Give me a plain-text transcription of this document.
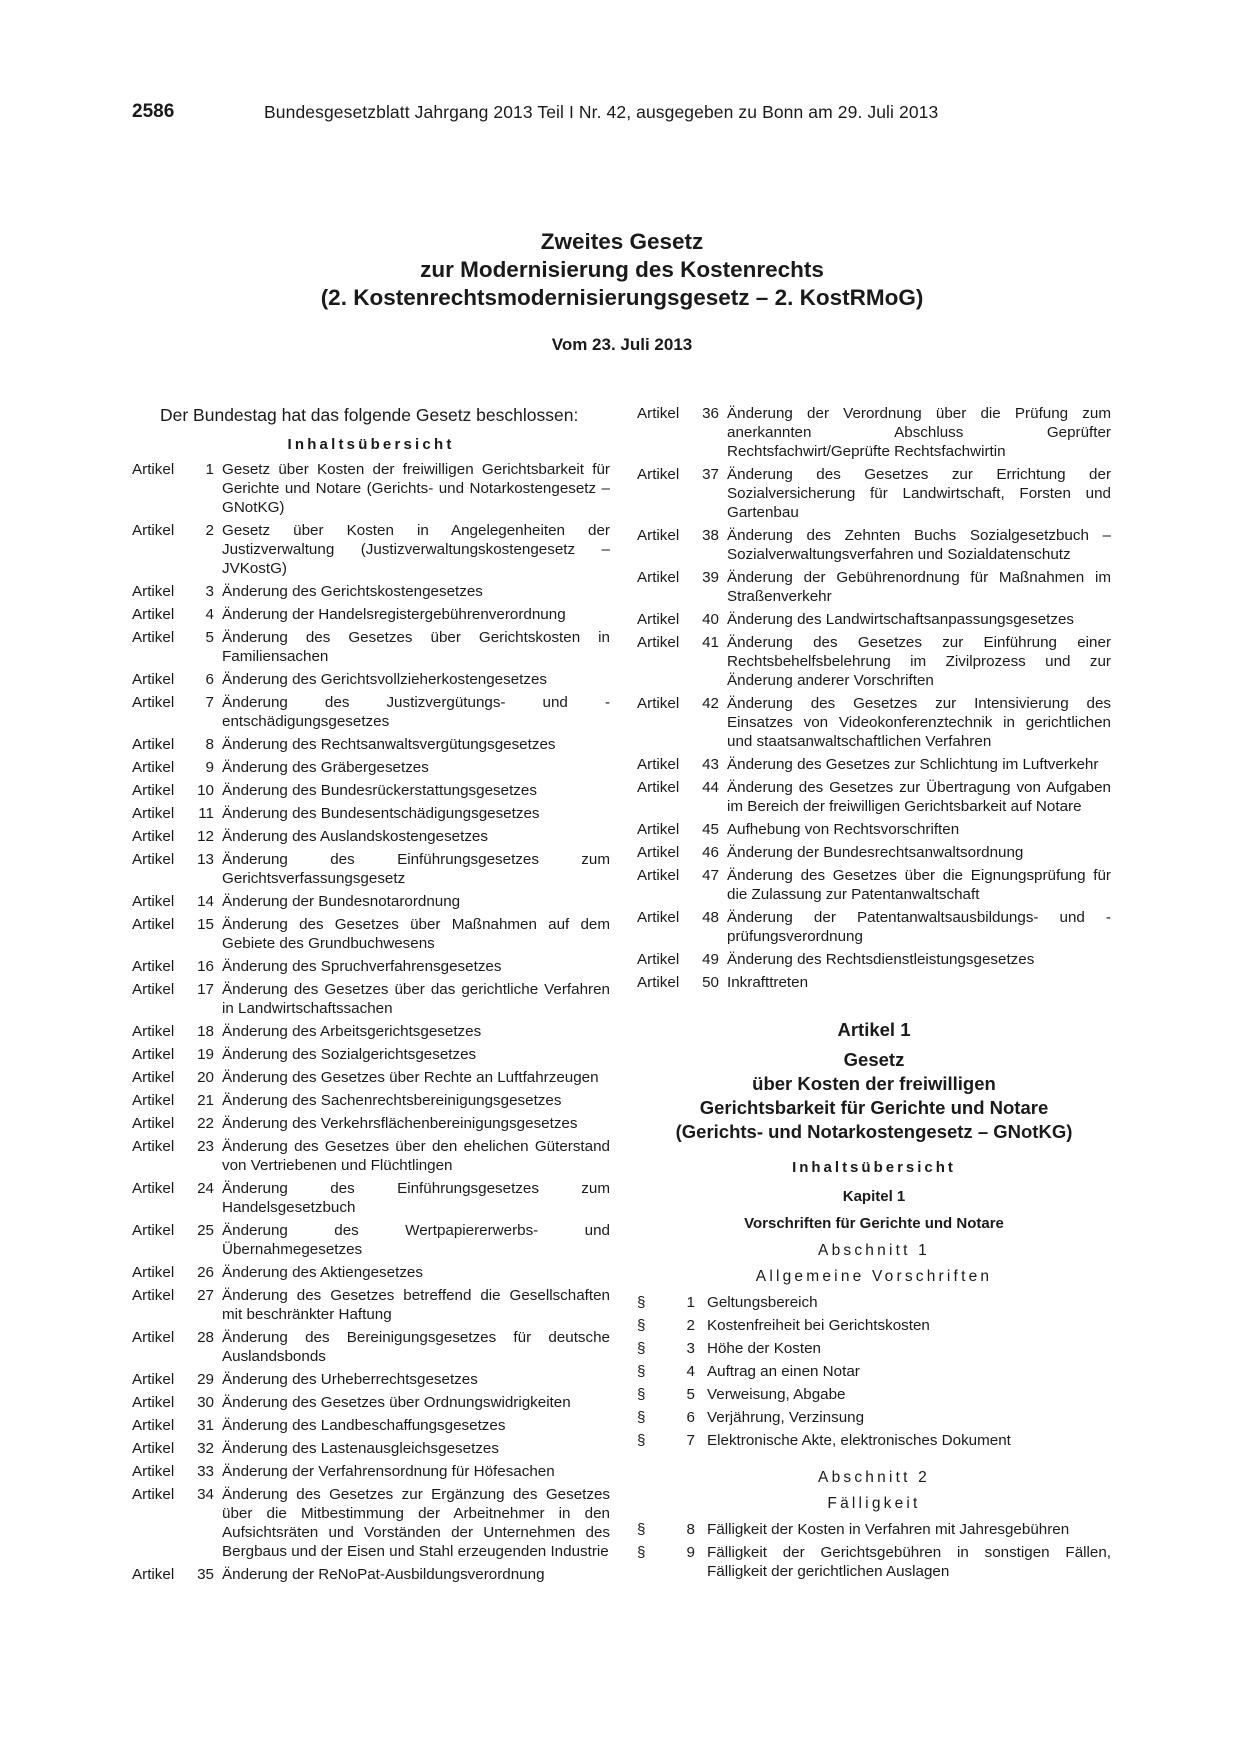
2586	Bundesgesetzblatt Jahrgang 2013 Teil I Nr. 42, ausgegeben zu Bonn am 29. Juli 2013
Zweites Gesetz
zur Modernisierung des Kostenrechts
(2. Kostenrechtsmodernisierungsgesetz – 2. KostRMoG)
Vom 23. Juli 2013
Der Bundestag hat das folgende Gesetz beschlossen:
Inhaltsübersicht
Artikel 1 Gesetz über Kosten der freiwilligen Gerichtsbarkeit für Gerichte und Notare (Gerichts- und Notarkostengesetz – GNotKG)
Artikel 2 Gesetz über Kosten in Angelegenheiten der Justizverwaltung (Justizverwaltungskostengesetz – JVKostG)
Artikel 3 Änderung des Gerichtskostengesetzes
Artikel 4 Änderung der Handelsregistergebührenverordnung
Artikel 5 Änderung des Gesetzes über Gerichtskosten in Familiensachen
Artikel 6 Änderung des Gerichtsvollzieherkostengesetzes
Artikel 7 Änderung des Justizvergütungs- und -entschädigungsgesetzes
Artikel 8 Änderung des Rechtsanwaltsvergütungsgesetzes
Artikel 9 Änderung des Gräbergesetzes
Artikel 10 Änderung des Bundesrückerstattungsgesetzes
Artikel 11 Änderung des Bundesentschädigungsgesetzes
Artikel 12 Änderung des Auslandskostengesetzes
Artikel 13 Änderung des Einführungsgesetzes zum Gerichtsverfassungsgesetz
Artikel 14 Änderung der Bundesnotarordnung
Artikel 15 Änderung des Gesetzes über Maßnahmen auf dem Gebiete des Grundbuchwesens
Artikel 16 Änderung des Spruchverfahrensgesetzes
Artikel 17 Änderung des Gesetzes über das gerichtliche Verfahren in Landwirtschaftssachen
Artikel 18 Änderung des Arbeitsgerichtsgesetzes
Artikel 19 Änderung des Sozialgerichtsgesetzes
Artikel 20 Änderung des Gesetzes über Rechte an Luftfahrzeugen
Artikel 21 Änderung des Sachenrechtsbereinigungsgesetzes
Artikel 22 Änderung des Verkehrsflächenbereinigungsgesetzes
Artikel 23 Änderung des Gesetzes über den ehelichen Güterstand von Vertriebenen und Flüchtlingen
Artikel 24 Änderung des Einführungsgesetzes zum Handelsgesetzbuch
Artikel 25 Änderung des Wertpapiererwerbs- und Übernahmegesetzes
Artikel 26 Änderung des Aktiengesetzes
Artikel 27 Änderung des Gesetzes betreffend die Gesellschaften mit beschränkter Haftung
Artikel 28 Änderung des Bereinigungsgesetzes für deutsche Auslandsbonds
Artikel 29 Änderung des Urheberrechtsgesetzes
Artikel 30 Änderung des Gesetzes über Ordnungswidrigkeiten
Artikel 31 Änderung des Landbeschaffungsgesetzes
Artikel 32 Änderung des Lastenausgleichsgesetzes
Artikel 33 Änderung der Verfahrensordnung für Höfesachen
Artikel 34 Änderung des Gesetzes zur Ergänzung des Gesetzes über die Mitbestimmung der Arbeitnehmer in den Aufsichtsräten und Vorständen der Unternehmen des Bergbaus und der Eisen und Stahl erzeugenden Industrie
Artikel 35 Änderung der ReNoPat-Ausbildungsverordnung
Artikel 36 Änderung der Verordnung über die Prüfung zum anerkannten Abschluss Geprüfter Rechtsfachwirt/Geprüfte Rechtsfachwirtin
Artikel 37 Änderung des Gesetzes zur Errichtung der Sozialversicherung für Landwirtschaft, Forsten und Gartenbau
Artikel 38 Änderung des Zehnten Buchs Sozialgesetzbuch – Sozialverwaltungsverfahren und Sozialdatenschutz
Artikel 39 Änderung der Gebührenordnung für Maßnahmen im Straßenverkehr
Artikel 40 Änderung des Landwirtschaftsanpassungsgesetzes
Artikel 41 Änderung des Gesetzes zur Einführung einer Rechtsbehelfsbelehrung im Zivilprozess und zur Änderung anderer Vorschriften
Artikel 42 Änderung des Gesetzes zur Intensivierung des Einsatzes von Videokonferenztechnik in gerichtlichen und staatsanwaltschaftlichen Verfahren
Artikel 43 Änderung des Gesetzes zur Schlichtung im Luftverkehr
Artikel 44 Änderung des Gesetzes zur Übertragung von Aufgaben im Bereich der freiwilligen Gerichtsbarkeit auf Notare
Artikel 45 Aufhebung von Rechtsvorschriften
Artikel 46 Änderung der Bundesrechtsanwaltsordnung
Artikel 47 Änderung des Gesetzes über die Eignungsprüfung für die Zulassung zur Patentanwaltschaft
Artikel 48 Änderung der Patentanwaltsausbildungs- und -prüfungsverordnung
Artikel 49 Änderung des Rechtsdienstleistungsgesetzes
Artikel 50 Inkrafttreten
Artikel 1
Gesetz
über Kosten der freiwilligen
Gerichtsbarkeit für Gerichte und Notare
(Gerichts- und Notarkostengesetz – GNotKG)
Inhaltsübersicht
Kapitel 1
Vorschriften für Gerichte und Notare
Abschnitt 1
Allgemeine Vorschriften
§	1 Geltungsbereich
§	2 Kostenfreiheit bei Gerichtskosten
§	3 Höhe der Kosten
§	4 Auftrag an einen Notar
§	5 Verweisung, Abgabe
§	6 Verjährung, Verzinsung
§	7 Elektronische Akte, elektronisches Dokument
Abschnitt 2
Fälligkeit
§	8 Fälligkeit der Kosten in Verfahren mit Jahresgebühren
§	9 Fälligkeit der Gerichtsgebühren in sonstigen Fällen, Fälligkeit der gerichtlichen Auslagen
